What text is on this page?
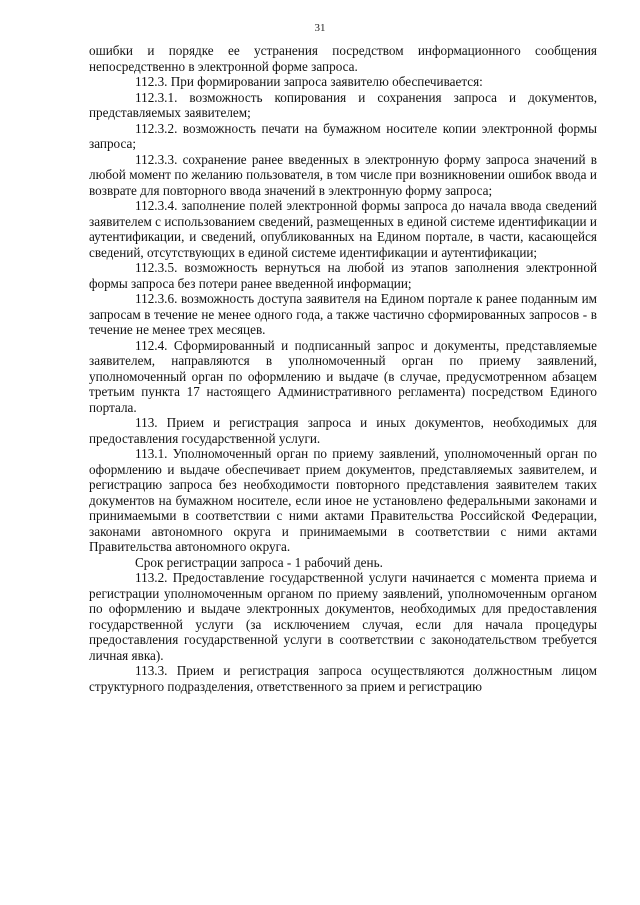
31

ошибки и порядке ее устранения посредством информационного сообщения непосредственно в электронной форме запроса.

112.3. При формировании запроса заявителю обеспечивается:

112.3.1. возможность копирования и сохранения запроса и документов, представляемых заявителем;

112.3.2. возможность печати на бумажном носителе копии электронной формы запроса;

112.3.3. сохранение ранее введенных в электронную форму запроса значений в любой момент по желанию пользователя, в том числе при возникновении ошибок ввода и возврате для повторного ввода значений в электронную форму запроса;

112.3.4. заполнение полей электронной формы запроса до начала ввода сведений заявителем с использованием сведений, размещенных в единой системе идентификации и аутентификации, и сведений, опубликованных на Едином портале, в части, касающейся сведений, отсутствующих в единой системе идентификации и аутентификации;

112.3.5. возможность вернуться на любой из этапов заполнения электронной формы запроса без потери ранее введенной информации;

112.3.6. возможность доступа заявителя на Едином портале к ранее поданным им запросам в течение не менее одного года, а также частично сформированных запросов - в течение не менее трех месяцев.

112.4. Сформированный и подписанный запрос и документы, представляемые заявителем, направляются в уполномоченный орган по приему заявлений, уполномоченный орган по оформлению и выдаче (в случае, предусмотренном абзацем третьим пункта 17 настоящего Административного регламента) посредством Единого портала.

113. Прием и регистрация запроса и иных документов, необходимых для предоставления государственной услуги.

113.1. Уполномоченный орган по приему заявлений, уполномоченный орган по оформлению и выдаче обеспечивает прием документов, представляемых заявителем, и регистрацию запроса без необходимости повторного представления заявителем таких документов на бумажном носителе, если иное не установлено федеральными законами и принимаемыми в соответствии с ними актами Правительства Российской Федерации, законами автономного округа и принимаемыми в соответствии с ними актами Правительства автономного округа.

Срок регистрации запроса - 1 рабочий день.

113.2. Предоставление государственной услуги начинается с момента приема и регистрации уполномоченным органом по приему заявлений, уполномоченным органом по оформлению и выдаче электронных документов, необходимых для предоставления государственной услуги (за исключением случая, если для начала процедуры предоставления государственной услуги в соответствии с законодательством требуется личная явка).

113.3. Прием и регистрация запроса осуществляются должностным лицом структурного подразделения, ответственного за прием и регистрацию
